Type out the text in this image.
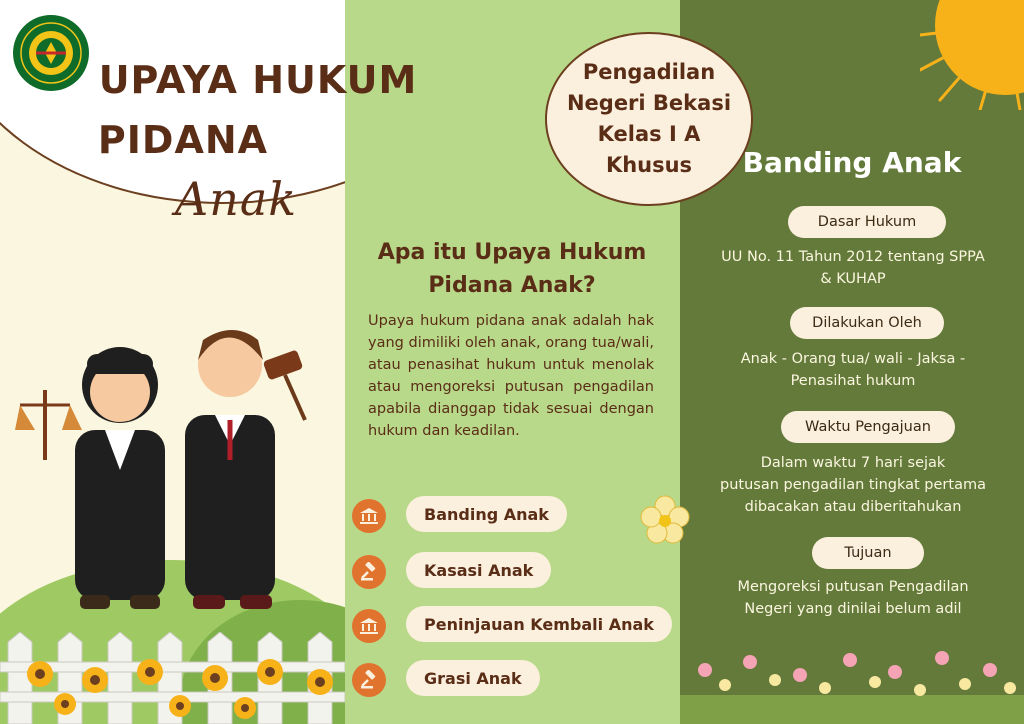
UPAYA HUKUM
PIDANA
Anak
Pengadilan
Negeri Bekasi
Kelas I A
Khusus
Apa itu Upaya Hukum
Pidana Anak?
Upaya hukum pidana anak adalah hak yang dimiliki oleh anak, orang tua/wali, atau penasihat hukum untuk menolak atau mengoreksi putusan pengadilan apabila dianggap tidak sesuai dengan hukum dan keadilan.
Banding Anak
Kasasi Anak
Peninjauan Kembali Anak
Grasi Anak
Banding Anak
Dasar Hukum
UU No. 11 Tahun 2012 tentang SPPA
& KUHAP
Dilakukan Oleh
Anak - Orang tua/ wali - Jaksa -
Penasihat hukum
Waktu Pengajuan
Dalam waktu 7 hari sejak
putusan pengadilan tingkat pertama
dibacakan atau diberitahukan
Tujuan
Mengoreksi putusan Pengadilan
Negeri yang dinilai belum adil
